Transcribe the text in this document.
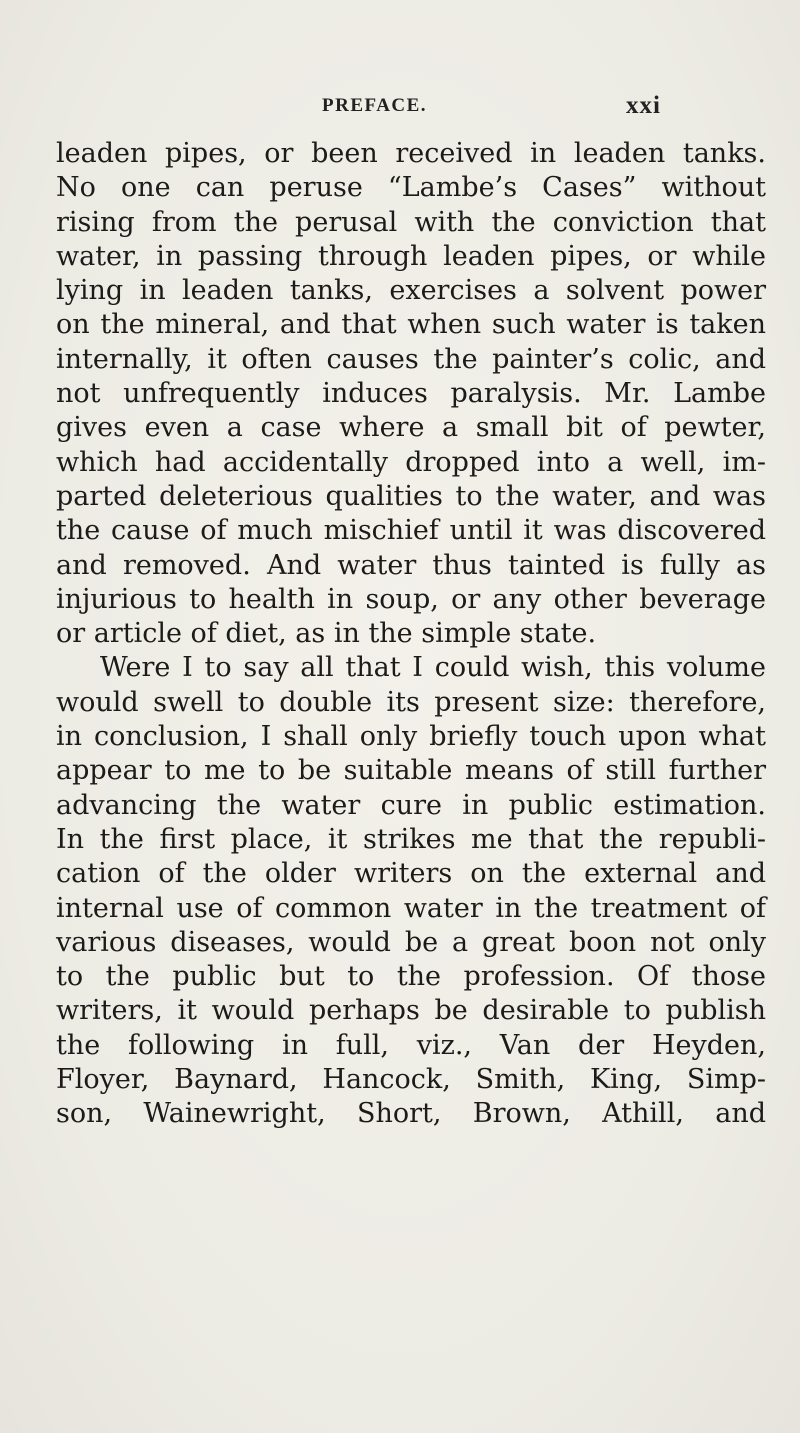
PREFACE.	xxi
leaden pipes, or been received in leaden tanks.
No one can peruse “Lambe’s Cases” without
rising from the perusal with the conviction that
water, in passing through leaden pipes, or while
lying in leaden tanks, exercises a solvent power
on the mineral, and that when such water is taken
internally, it often causes the painter’s colic, and
not unfrequently induces paralysis. Mr. Lambe
gives even a case where a small bit of pewter,
which had accidentally dropped into a well, im-
parted deleterious qualities to the water, and was
the cause of much mischief until it was discovered
and removed. And water thus tainted is fully as
injurious to health in soup, or any other beverage
or article of diet, as in the simple state.
Were I to say all that I could wish, this volume
would swell to double its present size: therefore,
in conclusion, I shall only briefly touch upon what
appear to me to be suitable means of still further
advancing the water cure in public estimation.
In the first place, it strikes me that the republi-
cation of the older writers on the external and
internal use of common water in the treatment of
various diseases, would be a great boon not only
to the public but to the profession. Of those
writers, it would perhaps be desirable to publish
the following in full, viz., Van der Heyden,
Floyer, Baynard, Hancock, Smith, King, Simp-
son, Wainewright, Short, Brown, Athill, and
